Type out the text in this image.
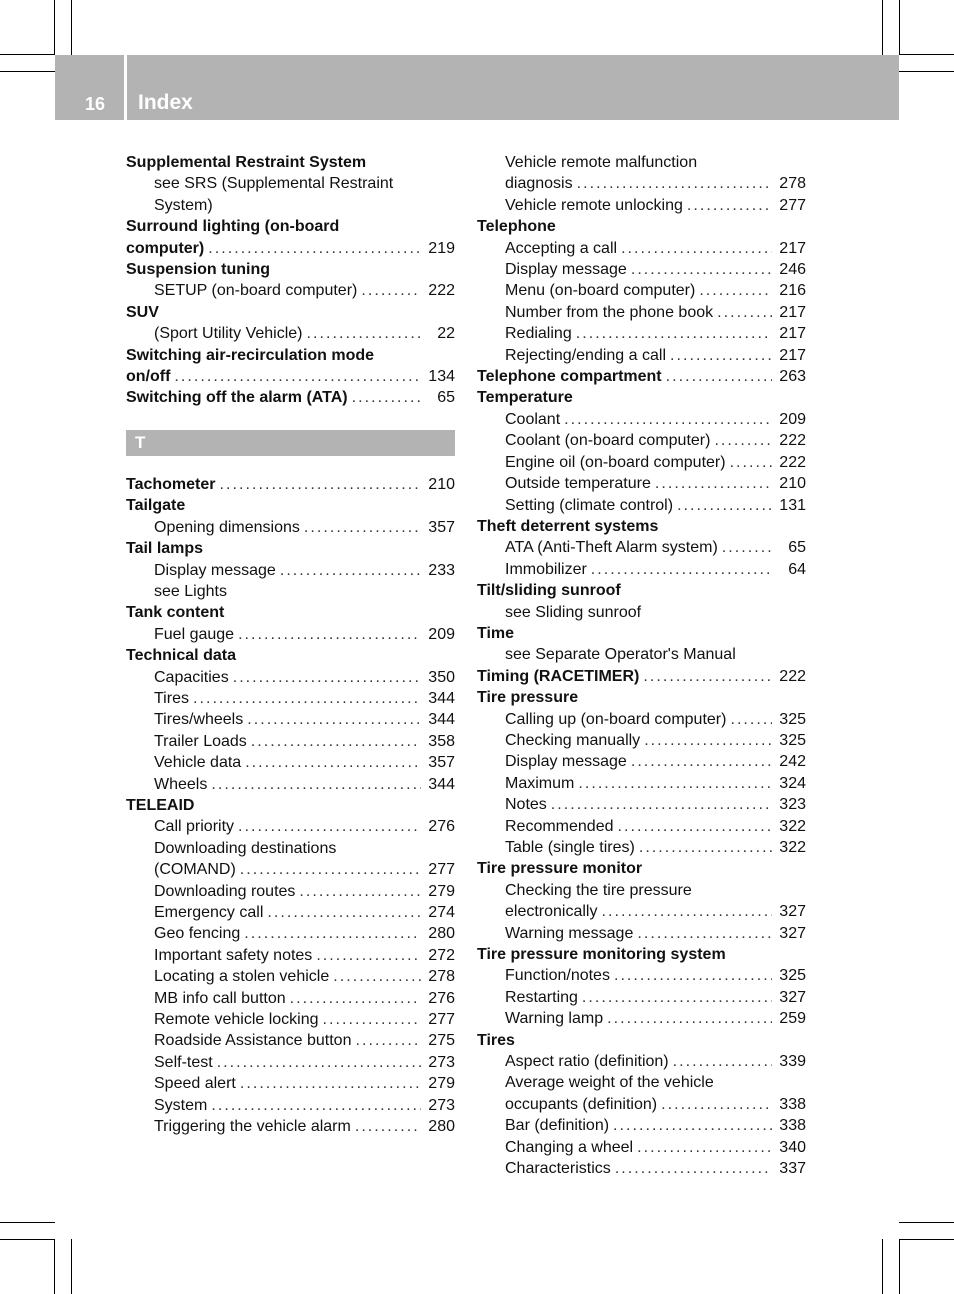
16 Index
Supplemental Restraint System
see SRS (Supplemental Restraint
System)
Surround lighting (on-board
computer) . . .	219
Suspension tuning
SETUP (on-board computer) . . .	222
SUV
(Sport Utility Vehicle) . . .	22
Switching air-recirculation mode
on/off . . .	134
Switching off the alarm (ATA) . . .	65
T
Tachometer . . .	210
Tailgate
Opening dimensions . . .	357
Tail lamps
Display message . . .	233
see Lights
Tank content
Fuel gauge . . .	209
Technical data
Capacities . . .	350
Tires . . .	344
Tires/wheels . . .	344
Trailer Loads . . .	358
Vehicle data . . .	357
Wheels . . .	344
TELEAID
Call priority . . .	276
Downloading destinations
(COMAND) . . .	277
Downloading routes . . .	279
Emergency call . . .	274
Geo fencing . . .	280
Important safety notes . . .	272
Locating a stolen vehicle . . .	278
MB info call button . . .	276
Remote vehicle locking . . .	277
Roadside Assistance button . . .	275
Self-test . . .	273
Speed alert . . .	279
System . . .	273
Triggering the vehicle alarm . . .	280
Vehicle remote malfunction
diagnosis . . .	278
Vehicle remote unlocking . . .	277
Telephone
Accepting a call . . .	217
Display message . . .	246
Menu (on-board computer) . . .	216
Number from the phone book . . .	217
Redialing . . .	217
Rejecting/ending a call . . .	217
Telephone compartment . . .	263
Temperature
Coolant . . .	209
Coolant (on-board computer) . . .	222
Engine oil (on-board computer) . . .	222
Outside temperature . . .	210
Setting (climate control) . . .	131
Theft deterrent systems
ATA (Anti-Theft Alarm system) . . .	65
Immobilizer . . .	64
Tilt/sliding sunroof
see Sliding sunroof
Time
see Separate Operator's Manual
Timing (RACETIMER) . . .	222
Tire pressure
Calling up (on-board computer) . . .	325
Checking manually . . .	325
Display message . . .	242
Maximum . . .	324
Notes . . .	323
Recommended . . .	322
Table (single tires) . . .	322
Tire pressure monitor
Checking the tire pressure
electronically . . .	327
Warning message . . .	327
Tire pressure monitoring system
Function/notes . . .	325
Restarting . . .	327
Warning lamp . . .	259
Tires
Aspect ratio (definition) . . .	339
Average weight of the vehicle
occupants (definition) . . .	338
Bar (definition) . . .	338
Changing a wheel . . .	340
Characteristics . . .	337
